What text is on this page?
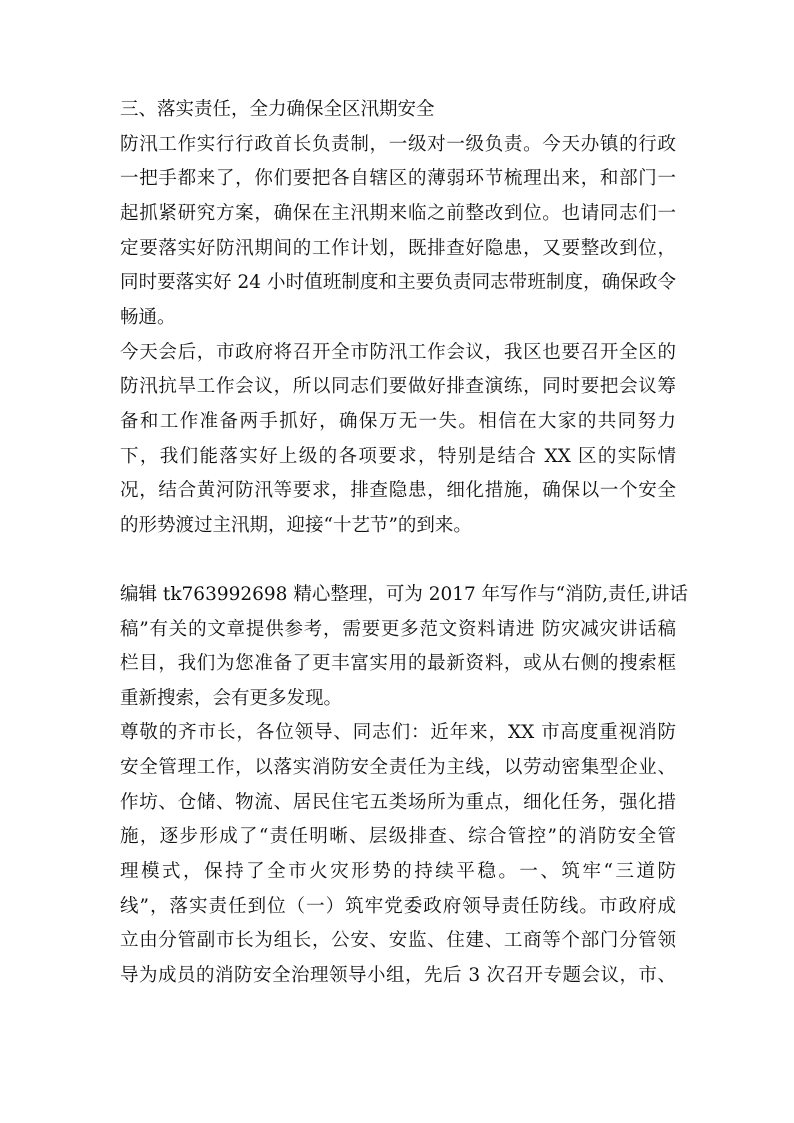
三、落实责任，全力确保全区汛期安全
防汛工作实行行政首长负责制，一级对一级负责。今天办镇的行政
一把手都来了，你们要把各自辖区的薄弱环节梳理出来，和部门一
起抓紧研究方案，确保在主汛期来临之前整改到位。也请同志们一
定要落实好防汛期间的工作计划，既排查好隐患，又要整改到位，
同时要落实好 24 小时值班制度和主要负责同志带班制度，确保政令
畅通。
今天会后，市政府将召开全市防汛工作会议，我区也要召开全区的
防汛抗旱工作会议，所以同志们要做好排查演练，同时要把会议筹
备和工作准备两手抓好，确保万无一失。相信在大家的共同努力
下，我们能落实好上级的各项要求，特别是结合 XX 区的实际情
况，结合黄河防汛等要求，排查隐患，细化措施，确保以一个安全
的形势渡过主汛期，迎接“十艺节”的到来。
编辑 tk763992698 精心整理，可为 2017 年写作与“消防,责任,讲话
稿”有关的文章提供参考，需要更多范文资料请进 防灾减灾讲话稿
栏目，我们为您准备了更丰富实用的最新资料，或从右侧的搜索框
重新搜索，会有更多发现。
尊敬的齐市长，各位领导、同志们：近年来，XX 市高度重视消防
安全管理工作，以落实消防安全责任为主线，以劳动密集型企业、
作坊、仓储、物流、居民住宅五类场所为重点，细化任务，强化措
施，逐步形成了“责任明晰、层级排查、综合管控”的消防安全管
理模式，保持了全市火灾形势的持续平稳。一、筑牢“三道防
线”，落实责任到位（一）筑牢党委政府领导责任防线。市政府成
立由分管副市长为组长，公安、安监、住建、工商等个部门分管领
导为成员的消防安全治理领导小组，先后 3 次召开专题会议，市、
